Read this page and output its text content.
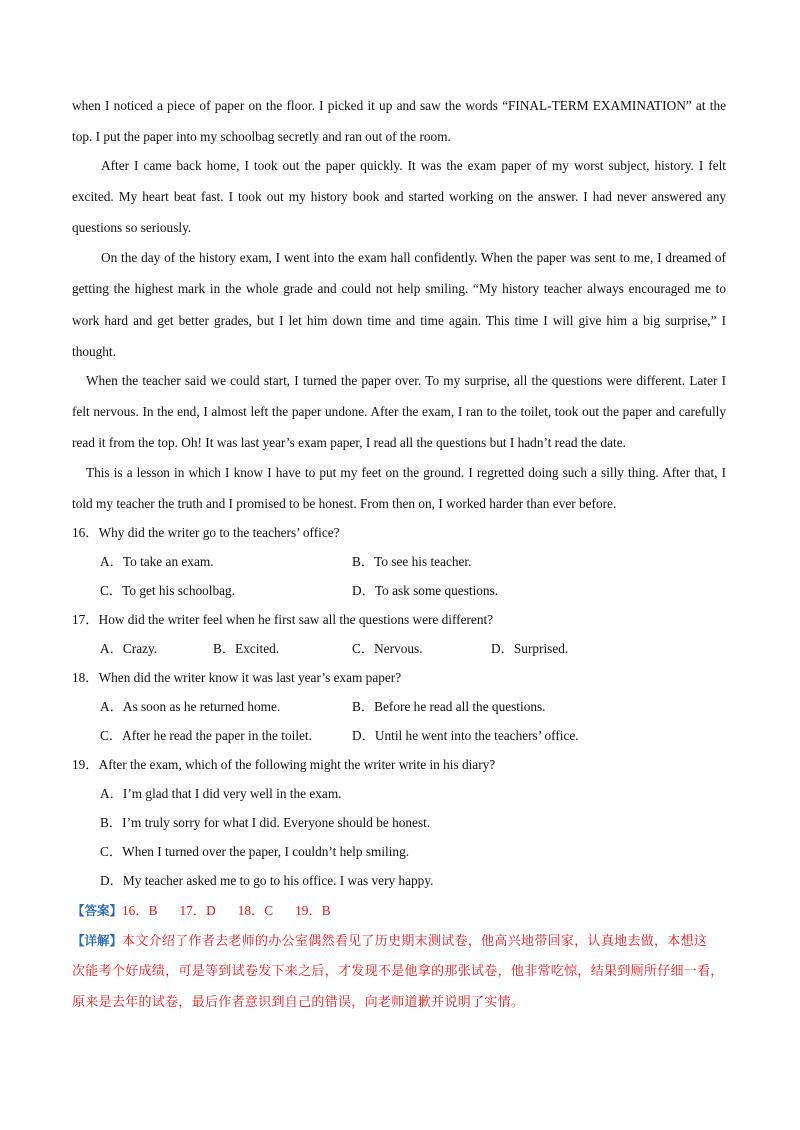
when I noticed a piece of paper on the floor. I picked it up and saw the words “FINAL-TERM EXAMINATION” at the
top. I put the paper into my schoolbag secretly and ran out of the room.
After I came back home, I took out the paper quickly. It was the exam paper of my worst subject, history. I felt
excited. My heart beat fast. I took out my history book and started working on the answer. I had never answered any
questions so seriously.
On the day of the history exam, I went into the exam hall confidently. When the paper was sent to me, I dreamed of
getting the highest mark in the whole grade and could not help smiling. “My history teacher always encouraged me to
work hard and get better grades, but I let him down time and time again. This time I will give him a big surprise,” I
thought.
When the teacher said we could start, I turned the paper over. To my surprise, all the questions were different. Later I
felt nervous. In the end, I almost left the paper undone. After the exam, I ran to the toilet, took out the paper and carefully
read it from the top. Oh! It was last year’s exam paper, I read all the questions but I hadn’t read the date.
This is a lesson in which I know I have to put my feet on the ground. I regretted doing such a silly thing. After that, I
told my teacher the truth and I promised to be honest. From then on, I worked harder than ever before.
16．Why did the writer go to the teachers’ office?
A．To take an exam.	B．To see his teacher.
C．To get his schoolbag.	D．To ask some questions.
17．How did the writer feel when he first saw all the questions were different?
A．Crazy.	B．Excited.	C．Nervous.	D．Surprised.
18．When did the writer know it was last year’s exam paper?
A．As soon as he returned home.	B．Before he read all the questions.
C．After he read the paper in the toilet.	D．Until he went into the teachers’ office.
19．After the exam, which of the following might the writer write in his diary?
A．I’m glad that I did very well in the exam.
B．I’m truly sorry for what I did. Everyone should be honest.
C．When I turned over the paper, I couldn’t help smiling.
D．My teacher asked me to go to his office. I was very happy.
【答案】16．B 17．D 18．C 19．B
【详解】本文介绍了作者去老师的办公室偶然看见了历史期末测试卷，他高兴地带回家，认真地去做，本想这
次能考个好成绩，可是等到试卷发下来之后，才发现不是他拿的那张试卷，他非常吃惊，结果到厕所仔细一看，
原来是去年的试卷，最后作者意识到自己的错误，向老师道歉并说明了实情。
